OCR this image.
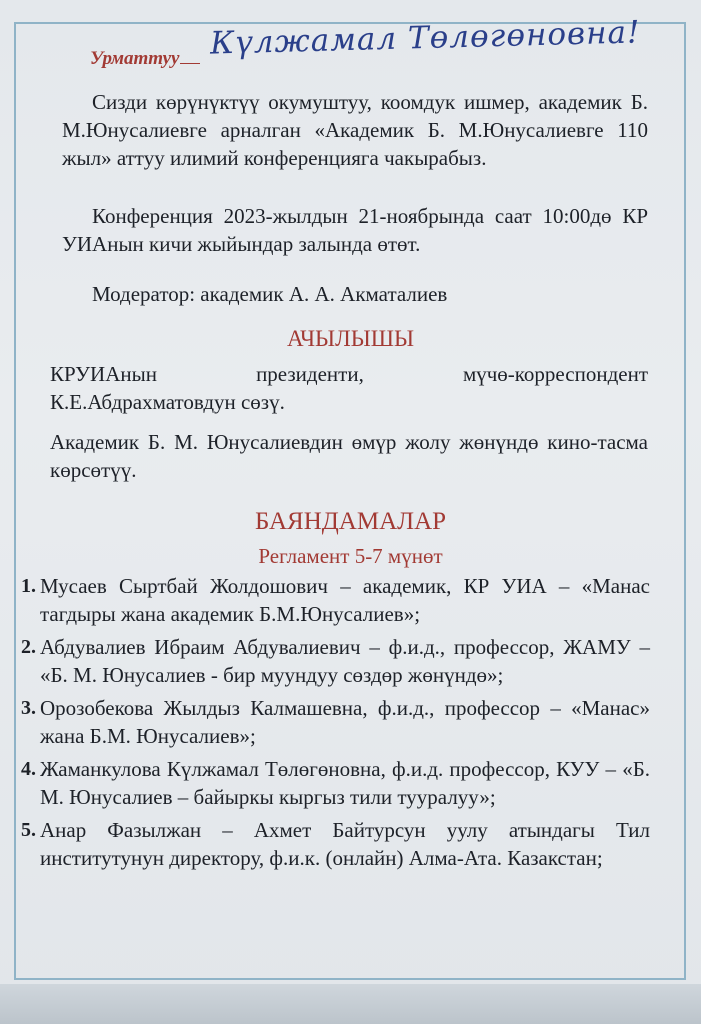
Урматтуу Күлжамал Төлөгөновна!

Сизди көрүнүктүү окумуштуу, коомдук ишмер, академик Б. М.Юнусалиевге арналган «Академик Б. М.Юнусалиевге 110 жыл» аттуу илимий конференцияга чакырабыз.

Конференция 2023-жылдын 21-ноябрында саат 10:00дө КР УИАнын кичи жыйындар залында өтөт.

Модератор: академик А. А. Акматалиев

АЧЫЛЫШЫ

КРУИАнын президенти, мүчө-корреспондент К.Е.Абдрахматовдун сөзү.

Академик Б. М. Юнусалиевдин өмүр жолу жөнүндө кино-тасма көрсөтүү.

БАЯНДАМАЛАР
Регламент 5-7 мүнөт
1. Мусаев Сыртбай Жолдошович – академик, КР УИА – «Манас тагдыры жана академик Б.М.Юнусалиев»;
2. Абдувалиев Ибраим Абдувалиевич – ф.и.д., профессор, ЖАМУ – «Б. М. Юнусалиев - бир муундуу сөздөр жөнүндө»;
3. Орозобекова Жылдыз Калмашевна, ф.и.д., профессор – «Манас» жана Б.М. Юнусалиев»;
4. Жаманкулова Күлжамал Төлөгөновна, ф.и.д. профессор, КУУ – «Б. М. Юнусалиев – байыркы кыргыз тили тууралуу»;
5. Анар Фазылжан – Ахмет Байтурсун уулу атындагы Тил институтунун директору, ф.и.к. (онлайн) Алма-Ата. Казакстан;
